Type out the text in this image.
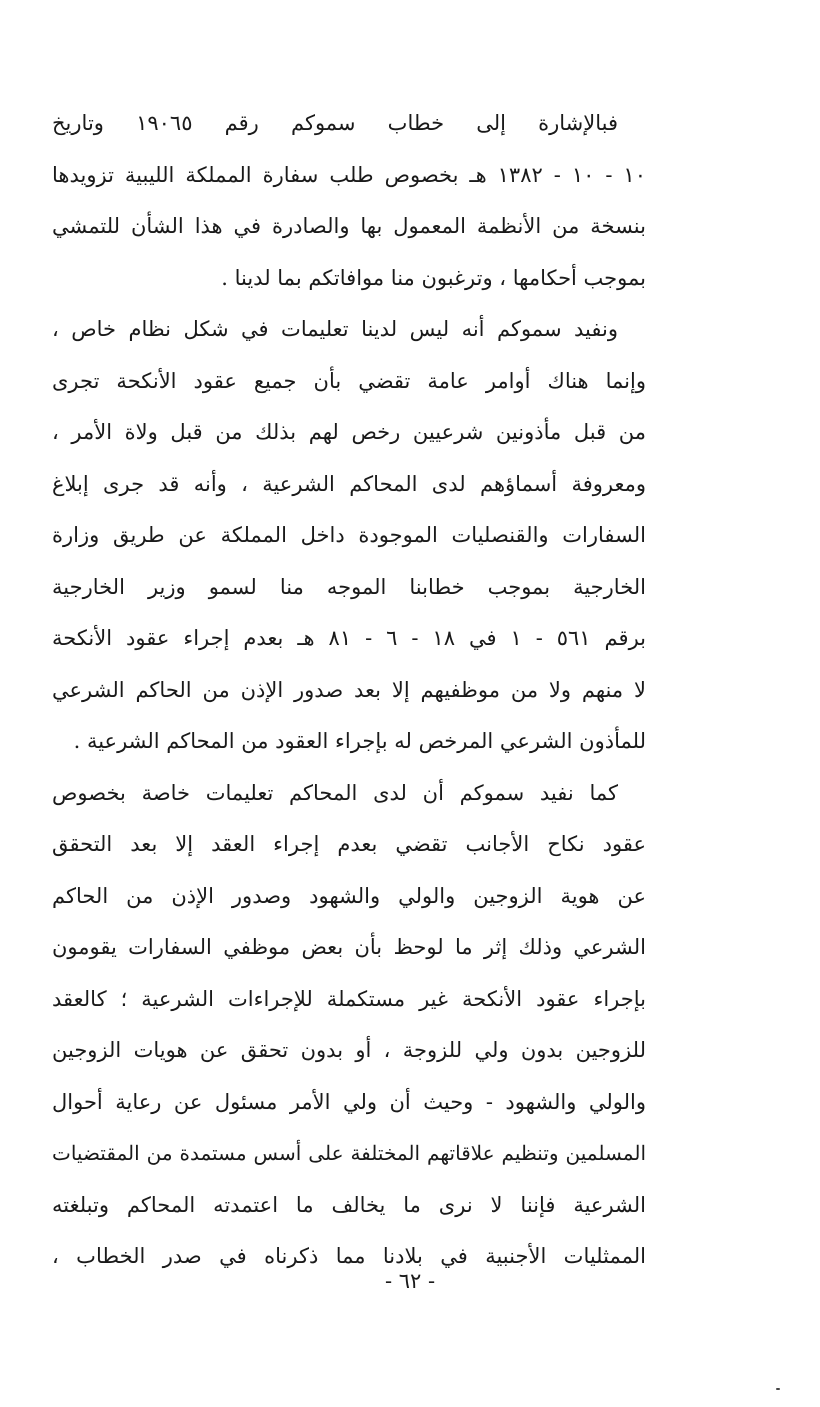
فبالإشارة إلى خطاب سموكم رقم ١٩٠٦٥ وتاريخ
١٠ - ١٠ - ١٣٨٢ هـ بخصوص طلب سفارة المملكة الليبية تزويدها
بنسخة من الأنظمة المعمول بها والصادرة في هذا الشأن للتمشي
بموجب أحكامها ، وترغبون منا موافاتكم بما لدينا .
ونفيد سموكم أنه ليس لدينا تعليمات في شكل نظام خاص ،
وإنما هناك أوامر عامة تقضي بأن جميع عقود الأنكحة تجرى
من قبل مأذونين شرعيين رخص لهم بذلك من قبل ولاة الأمر ،
ومعروفة أسماؤهم لدى المحاكم الشرعية ، وأنه قد جرى إبلاغ
السفارات والقنصليات الموجودة داخل المملكة عن طريق وزارة
الخارجية بموجب خطابنا الموجه منا لسمو وزير الخارجية
برقم ٥٦١ - ١ في ١٨ - ٦ - ٨١ هـ بعدم إجراء عقود الأنكحة
لا منهم ولا من موظفيهم إلا بعد صدور الإذن من الحاكم الشرعي
للمأذون الشرعي المرخص له بإجراء العقود من المحاكم الشرعية .
كما نفيد سموكم أن لدى المحاكم تعليمات خاصة بخصوص
عقود نكاح الأجانب تقضي بعدم إجراء العقد إلا بعد التحقق
عن هوية الزوجين والولي والشهود وصدور الإذن من الحاكم
الشرعي وذلك إثر ما لوحظ بأن بعض موظفي السفارات يقومون
بإجراء عقود الأنكحة غير مستكملة للإجراءات الشرعية ؛ كالعقد
للزوجين بدون ولي للزوجة ، أو بدون تحقق عن هويات الزوجين
والولي والشهود - وحيث أن ولي الأمر مسئول عن رعاية أحوال
المسلمين وتنظيم علاقاتهم المختلفة على أسس مستمدة من المقتضيات
الشرعية فإننا لا نرى ما يخالف ما اعتمدته المحاكم وتبلغته
الممثليات الأجنبية في بلادنا مما ذكرناه في صدر الخطاب ،
- ٦٢ -
